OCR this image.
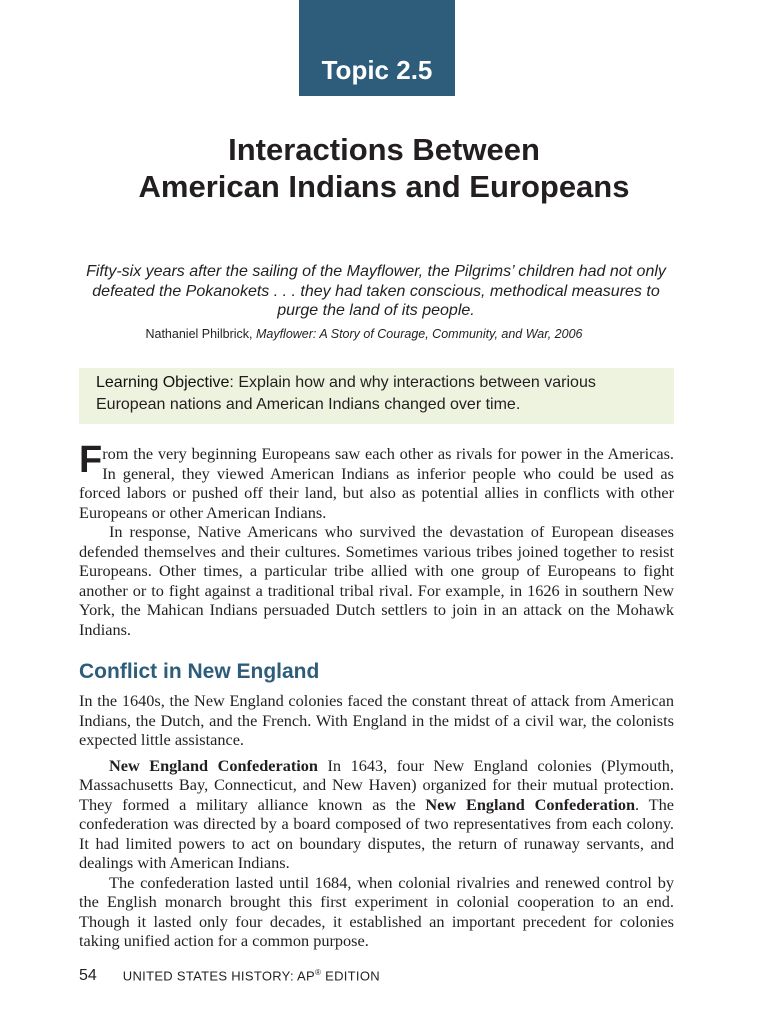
Topic 2.5
Interactions Between
American Indians and Europeans

Fifty-six years after the sailing of the Mayflower, the Pilgrims’ children had not only defeated the Pokanokets . . . they had taken conscious, methodical measures to purge the land of its people.

Nathaniel Philbrick, Mayflower: A Story of Courage, Community, and War, 2006
Learning Objective: Explain how and why interactions between various European nations and American Indians changed over time.

From the very beginning Europeans saw each other as rivals for power in the Americas. In general, they viewed American Indians as inferior people who could be used as forced labors or pushed off their land, but also as potential allies in conflicts with other Europeans or other American Indians.

In response, Native Americans who survived the devastation of European diseases defended themselves and their cultures. Sometimes various tribes joined together to resist Europeans. Other times, a particular tribe allied with one group of Europeans to fight another or to fight against a traditional tribal rival. For example, in 1626 in southern New York, the Mahican Indians persuaded Dutch settlers to join in an attack on the Mohawk Indians.

Conflict in New England

In the 1640s, the New England colonies faced the constant threat of attack from American Indians, the Dutch, and the French. With England in the midst of a civil war, the colonists expected little assistance.

New England Confederation In 1643, four New England colonies (Plymouth, Massachusetts Bay, Connecticut, and New Haven) organized for their mutual protection. They formed a military alliance known as the New England Confederation. The confederation was directed by a board composed of two representatives from each colony. It had limited powers to act on boundary disputes, the return of runaway servants, and dealings with American Indians.

The confederation lasted until 1684, when colonial rivalries and renewed control by the English monarch brought this first experiment in colonial cooperation to an end. Though it lasted only four decades, it established an important precedent for colonies taking unified action for a common purpose.

54 UNITED STATES HISTORY: AP® EDITION
